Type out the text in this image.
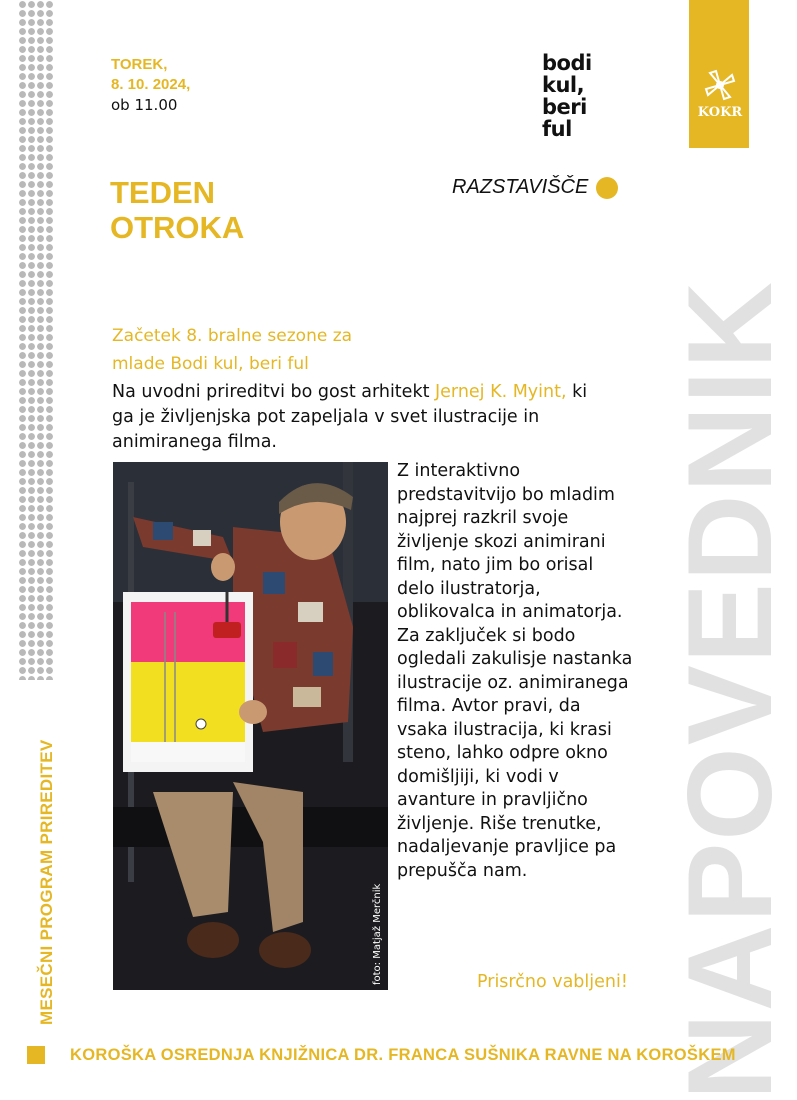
MESEČNI PROGRAM PRIREDITEV
TOREK,
8. 10. 2024,
ob 11.00
bodi
kul,
beri
ful
TEDEN
OTROKA
RAZSTAVIŠČE
NAPOVEDNIK
KOKR
Začetek 8. bralne sezone za
mlade Bodi kul, beri ful
Na uvodni prireditvi bo gost arhitekt Jernej K. Myint, ki ga je življenjska pot zapeljala v svet ilustracije in animiranega filma.
foto: Matjaž Merčnik
Z interaktivno
predstavitvijo bo mladim
najprej razkril svoje
življenje skozi animirani
film, nato jim bo orisal
delo ilustratorja,
oblikovalca in animatorja.
Za zaključek si bodo
ogledali zakulisje nastanka
ilustracije oz. animiranega
filma. Avtor pravi, da
vsaka ilustracija, ki krasi
steno, lahko odpre okno
domišljiji, ki vodi v
avanture in pravljično
življenje. Riše trenutke,
nadaljevanje pravljice pa
prepušča nam.
Prisrčno vabljeni!
KOROŠKA OSREDNJA KNJIŽNICA DR. FRANCA SUŠNIKA RAVNE NA KOROŠKEM
